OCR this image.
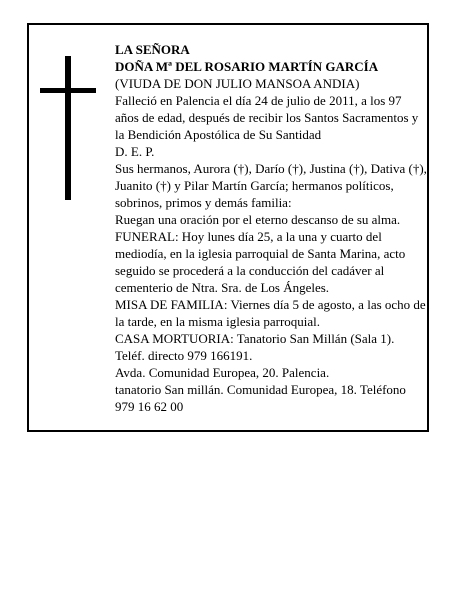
LA SEÑORA

DOÑA Mª DEL ROSARIO MARTÍN GARCÍA

(VIUDA DE DON JULIO MANSOA ANDIA)

Falleció en Palencia el día 24 de julio de 2011, a los 97 años de edad, después de recibir los Santos Sacramentos y la Bendición Apostólica de Su Santidad

D. E. P.

Sus hermanos, Aurora (†), Darío (†), Justina (†), Dativa (†), Juanito (†) y Pilar Martín García; hermanos políticos, sobrinos, primos y demás familia:

Ruegan una oración por el eterno descanso de su alma.

FUNERAL: Hoy lunes día 25, a la una y cuarto del mediodía, en la iglesia parroquial de Santa Marina, acto seguido se procederá a la conducción del cadáver al cementerio de Ntra. Sra. de Los Ángeles.

MISA DE FAMILIA: Viernes día 5 de agosto, a las ocho de la tarde, en la misma iglesia parroquial.

CASA MORTUORIA: Tanatorio San Millán (Sala 1). Teléf. directo 979 166191.

Avda. Comunidad Europea, 20. Palencia.

tanatorio San millán. Comunidad Europea, 18. Teléfono 979 16 62 00
